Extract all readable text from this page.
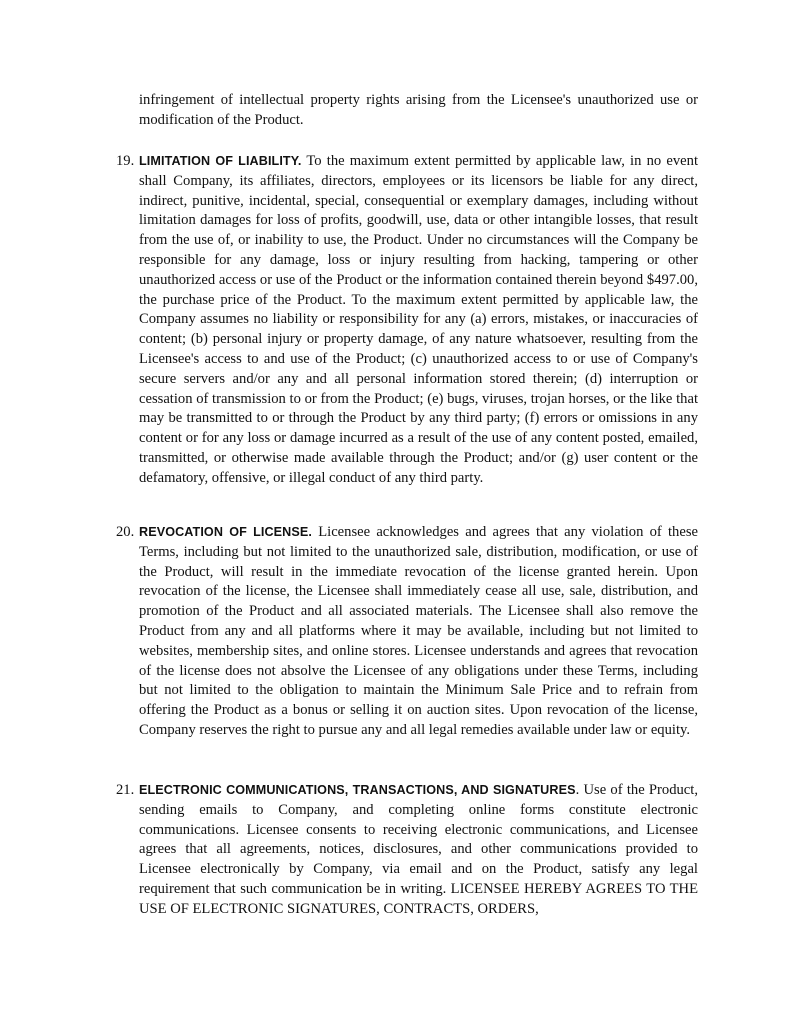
infringement of intellectual property rights arising from the Licensee's unauthorized use or modification of the Product.

19. LIMITATION OF LIABILITY. To the maximum extent permitted by applicable law, in no event shall Company, its affiliates, directors, employees or its licensors be liable for any direct, indirect, punitive, incidental, special, consequential or exemplary damages, including without limitation damages for loss of profits, goodwill, use, data or other intangible losses, that result from the use of, or inability to use, the Product. Under no circumstances will the Company be responsible for any damage, loss or injury resulting from hacking, tampering or other unauthorized access or use of the Product or the information contained therein beyond $497.00, the purchase price of the Product. To the maximum extent permitted by applicable law, the Company assumes no liability or responsibility for any (a) errors, mistakes, or inaccuracies of content; (b) personal injury or property damage, of any nature whatsoever, resulting from the Licensee's access to and use of the Product; (c) unauthorized access to or use of Company's secure servers and/or any and all personal information stored therein; (d) interruption or cessation of transmission to or from the Product; (e) bugs, viruses, trojan horses, or the like that may be transmitted to or through the Product by any third party; (f) errors or omissions in any content or for any loss or damage incurred as a result of the use of any content posted, emailed, transmitted, or otherwise made available through the Product; and/or (g) user content or the defamatory, offensive, or illegal conduct of any third party.
20. REVOCATION OF LICENSE. Licensee acknowledges and agrees that any violation of these Terms, including but not limited to the unauthorized sale, distribution, modification, or use of the Product, will result in the immediate revocation of the license granted herein. Upon revocation of the license, the Licensee shall immediately cease all use, sale, distribution, and promotion of the Product and all associated materials. The Licensee shall also remove the Product from any and all platforms where it may be available, including but not limited to websites, membership sites, and online stores. Licensee understands and agrees that revocation of the license does not absolve the Licensee of any obligations under these Terms, including but not limited to the obligation to maintain the Minimum Sale Price and to refrain from offering the Product as a bonus or selling it on auction sites. Upon revocation of the license, Company reserves the right to pursue any and all legal remedies available under law or equity.
21. ELECTRONIC COMMUNICATIONS, TRANSACTIONS, AND SIGNATURES. Use of the Product, sending emails to Company, and completing online forms constitute electronic communications. Licensee consents to receiving electronic communications, and Licensee agrees that all agreements, notices, disclosures, and other communications provided to Licensee electronically by Company, via email and on the Product, satisfy any legal requirement that such communication be in writing. LICENSEE HEREBY AGREES TO THE USE OF ELECTRONIC SIGNATURES, CONTRACTS, ORDERS,
